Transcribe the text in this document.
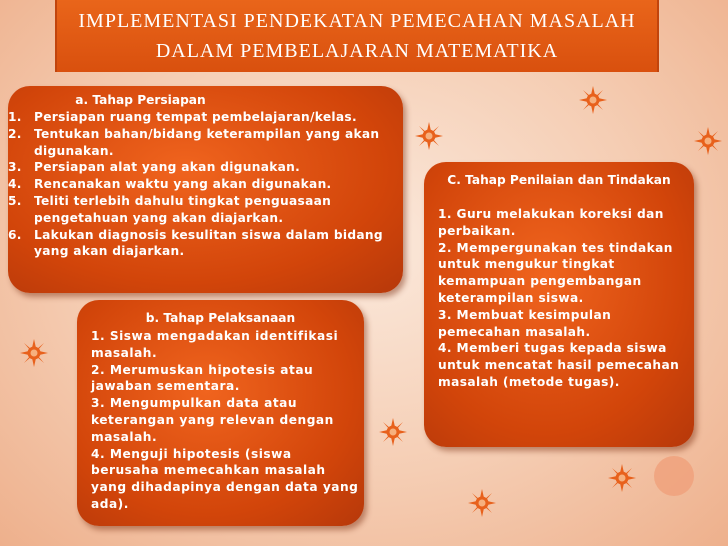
IMPLEMENTASI PENDEKATAN PEMECAHAN MASALAH
DALAM PEMBELAJARAN MATEMATIKA
a. Tahap Persiapan
1. Persiapan ruang tempat pembelajaran/kelas.
2. Tentukan bahan/bidang keterampilan yang akan digunakan.
3. Persiapan alat yang akan digunakan.
4. Rencanakan waktu yang akan digunakan.
5. Teliti terlebih dahulu tingkat penguasaan pengetahuan yang akan diajarkan.
6. Lakukan diagnosis kesulitan siswa dalam bidang yang akan diajarkan.
b. Tahap Pelaksanaan

1. Siswa mengadakan identifikasi masalah.

2. Merumuskan hipotesis atau jawaban sementara.

3. Mengumpulkan data atau keterangan yang relevan dengan masalah.

4. Menguji hipotesis (siswa berusaha memecahkan masalah yang dihadapinya dengan data yang ada).

C. Tahap Penilaian dan Tindakan

1. Guru melakukan koreksi dan perbaikan.

2. Mempergunakan tes tindakan untuk mengukur tingkat kemampuan pengembangan keterampilan siswa.

3. Membuat kesimpulan pemecahan masalah.

4. Memberi tugas kepada siswa untuk mencatat hasil pemecahan masalah (metode tugas).
